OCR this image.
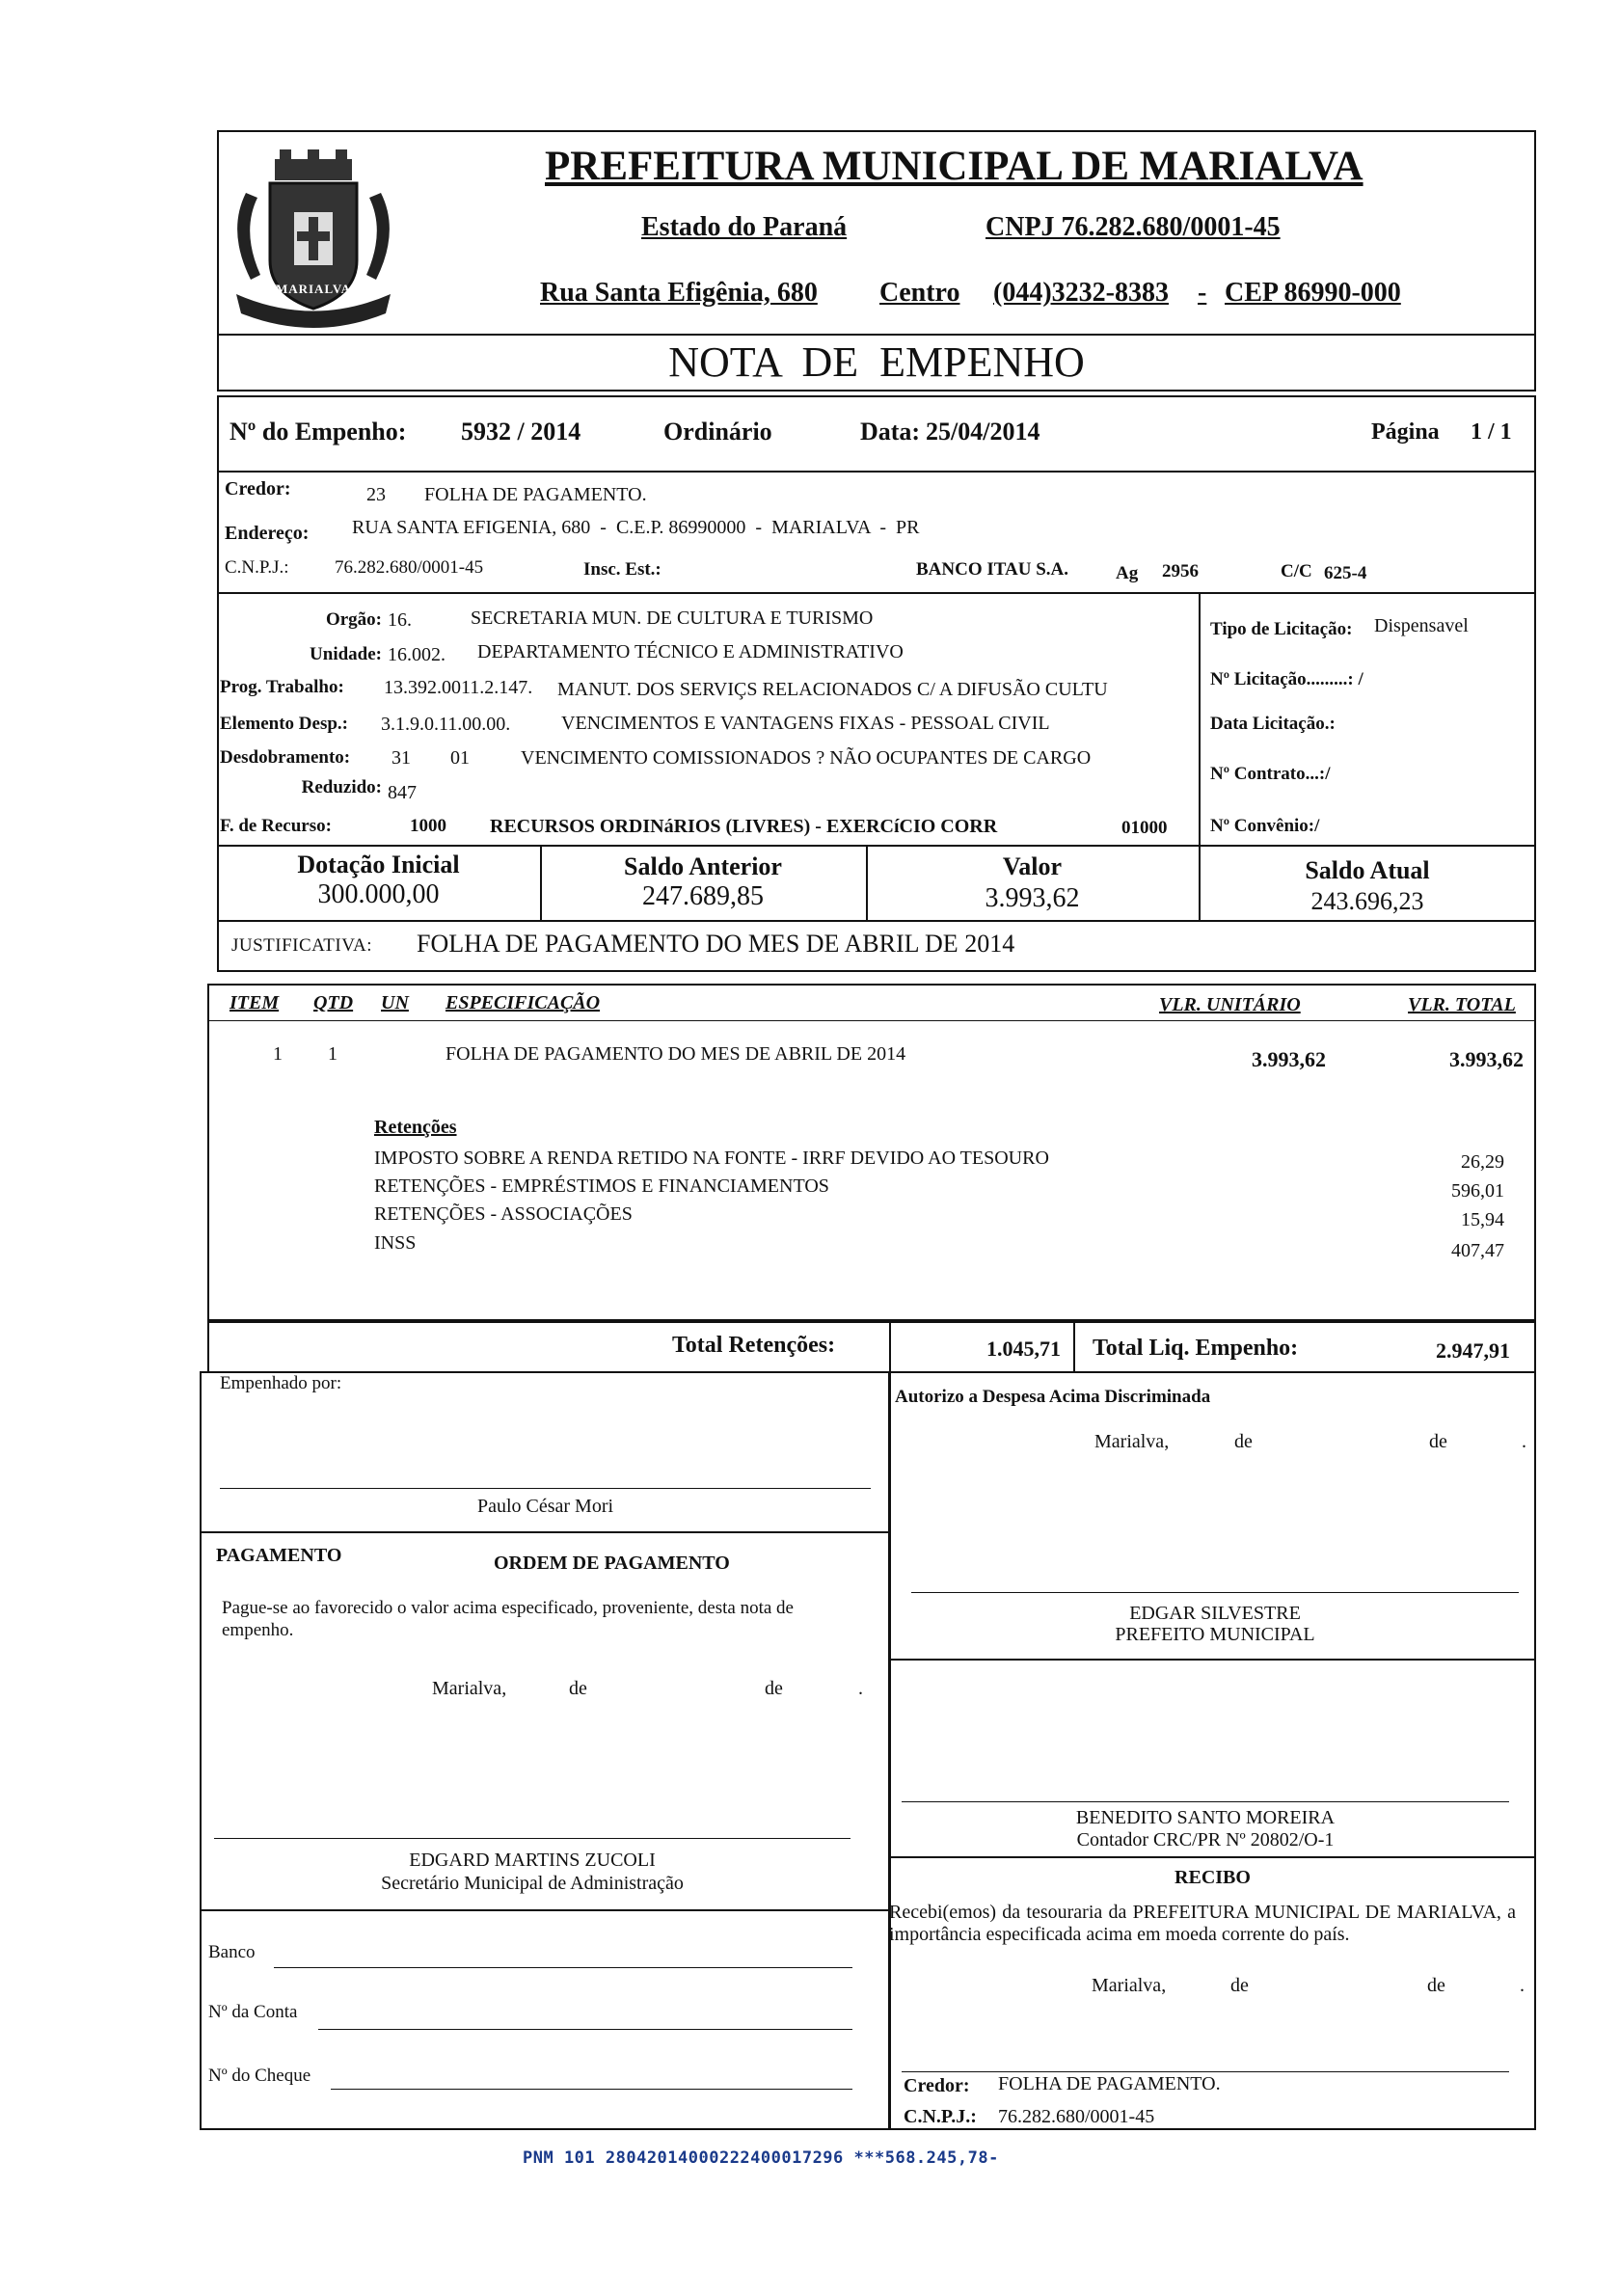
MARIALVA
PREFEITURA MUNICIPAL DE MARIALVA
Estado do Paraná	CNPJ 76.282.680/0001-45
Rua Santa Efigênia, 680 Centro (044)3232-8383 - CEP 86990-000
NOTA  DE  EMPENHO
Nº do Empenho: 5932 / 2014	Ordinário	Data: 25/04/2014	Página 1 / 1
Credor:	23 FOLHA DE PAGAMENTO.
Endereço: RUA SANTA EFIGENIA, 680  -  C.E.P. 86990000  -  MARIALVA  -  PR
C.N.P.J.: 76.282.680/0001-45	Insc. Est.:	BANCO ITAU S.A.	Ag 2956	C/C 625-4
Orgão: 16.	SECRETARIA MUN. DE CULTURA E TURISMO
Unidade: 16.002. DEPARTAMENTO TÉCNICO E ADMINISTRATIVO
Prog. Trabalho: 13.392.0011.2.147. MANUT. DOS SERVIÇS RELACIONADOS C/ A DIFUSÃO CULTU
Elemento Desp.: 3.1.9.0.11.00.00.	VENCIMENTOS E VANTAGENS FIXAS - PESSOAL CIVIL
Desdobramento: 31 01	VENCIMENTO COMISSIONADOS ? NÃO OCUPANTES DE CARGO
Reduzido: 847
F. de Recurso:	1000 RECURSOS ORDINáRIOS (LIVRES) - EXERCíCIO CORR	01000
Tipo de Licitação: Dispensavel
Nº Licitação.........: /
Data Licitação.:
Nº Contrato...:/
Nº Convênio:/
Dotação Inicial
300.000,00
Saldo Anterior
247.689,85
Valor
3.993,62
Saldo Atual
243.696,23
JUSTIFICATIVA: FOLHA DE PAGAMENTO DO MES DE ABRIL DE 2014
ITEM QTD UN ESPECIFICAÇÃO	VLR. UNITÁRIO	VLR. TOTAL
1 1	FOLHA DE PAGAMENTO DO MES DE ABRIL DE 2014	3.993,62	3.993,62
Retenções
IMPOSTO SOBRE A RENDA RETIDO NA FONTE - IRRF DEVIDO AO TESOURO	26,29
RETENÇÕES - EMPRÉSTIMOS E FINANCIAMENTOS	596,01
RETENÇÕES - ASSOCIAÇÕES	15,94
INSS	407,47
Total Retenções:	1.045,71 Total Liq. Empenho:	2.947,91
Empenhado por:
Paulo César Mori
PAGAMENTO	ORDEM DE PAGAMENTO
Pague-se ao favorecido o valor acima especificado, proveniente, desta nota de empenho.
Marialva,	de	de	.
EDGARD MARTINS ZUCOLI
Secretário Municipal de Administração
Banco
Nº da Conta
Nº do Cheque
Autorizo a Despesa Acima Discriminada
Marialva,	de	de	.
EDGAR SILVESTRE
PREFEITO MUNICIPAL
BENEDITO SANTO MOREIRA
Contador CRC/PR Nº 20802/O-1
RECIBO
Recebi(emos) da tesouraria da PREFEITURA MUNICIPAL DE MARIALVA, a importância especificada acima em moeda corrente do país.
Marialva,	de	de	.
Credor: FOLHA DE PAGAMENTO.
C.N.P.J.: 76.282.680/0001-45
PNM 101 28042014000222400017296 ***568.245,78-
